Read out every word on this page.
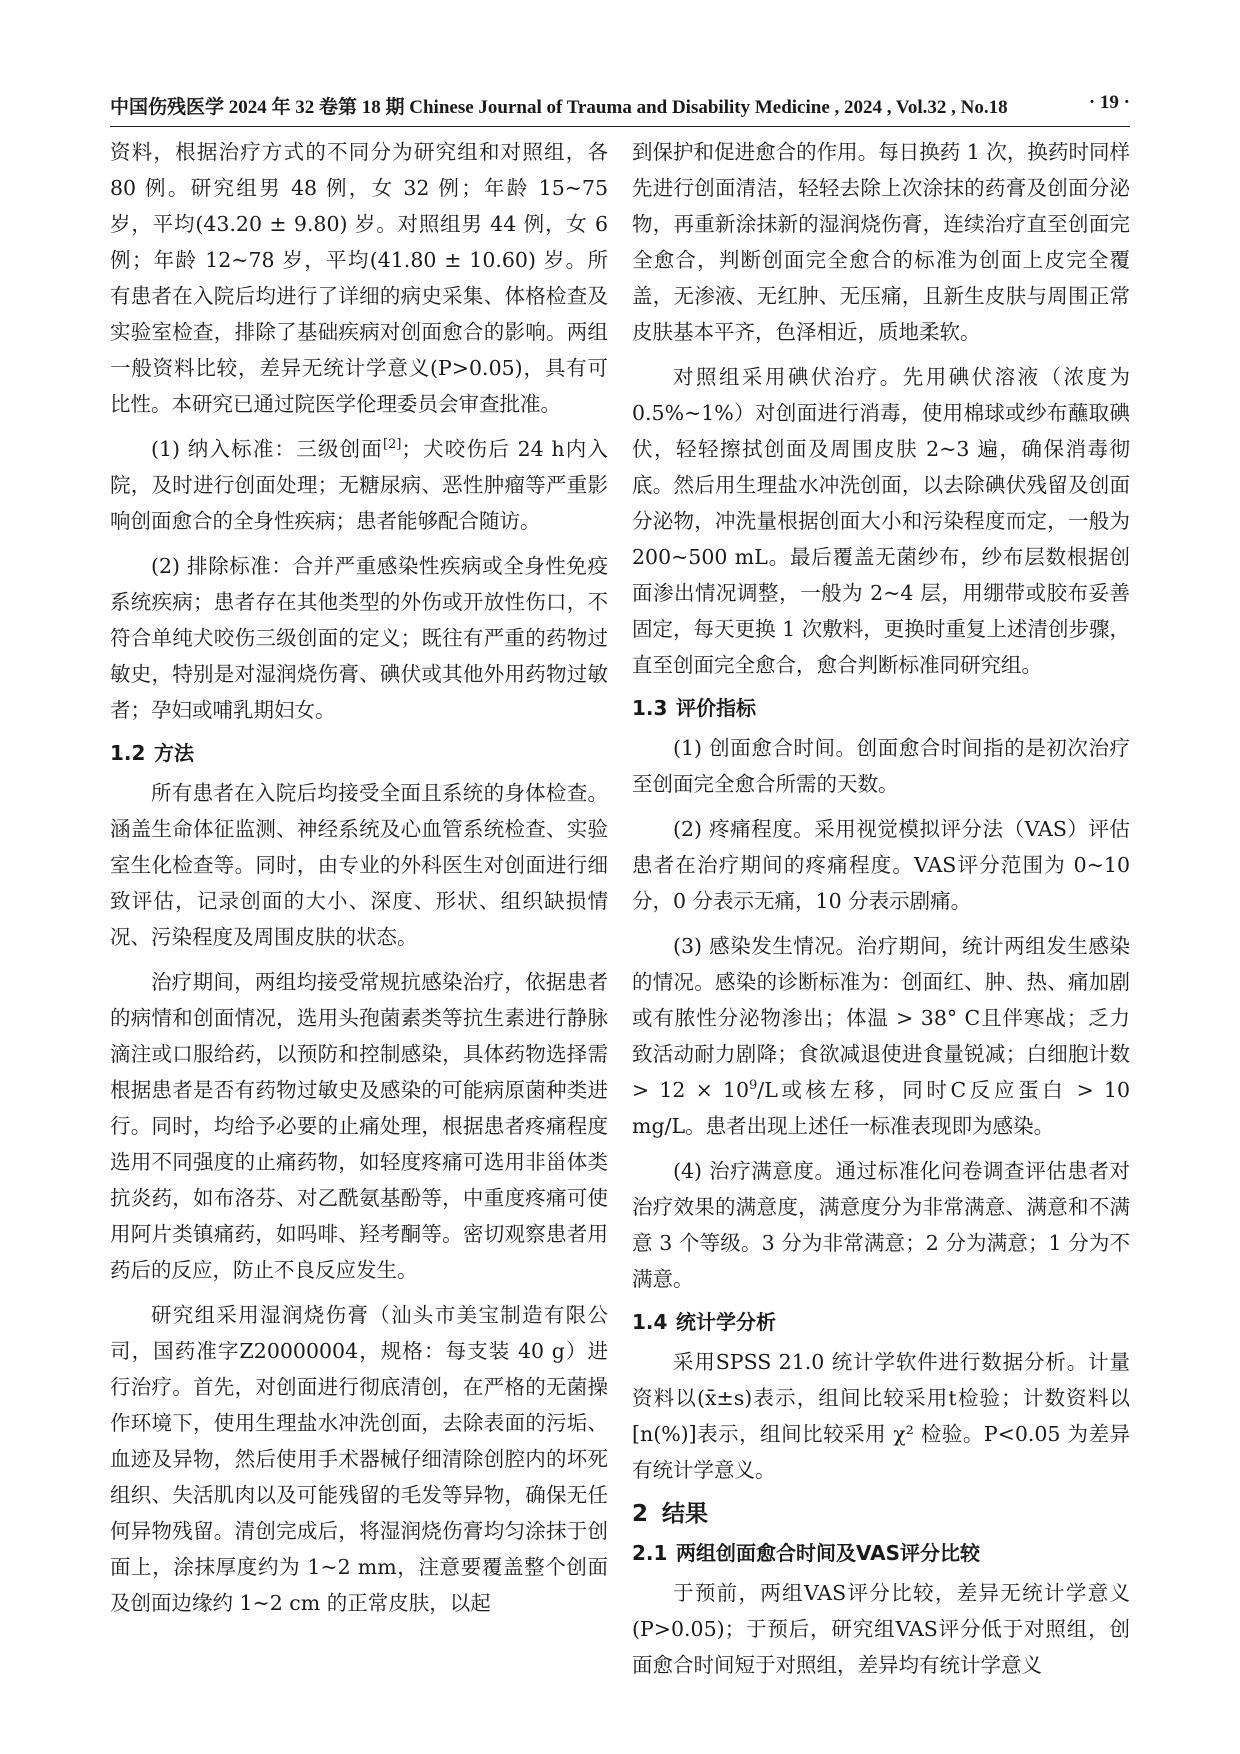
中国伤残医学 2024 年 32 卷第 18 期 Chinese Journal of Trauma and Disability Medicine , 2024 , Vol.32 , No.18	· 19 ·

资料，根据治疗方式的不同分为研究组和对照组，各 80 例。研究组男 48 例，女 32 例；年龄 15~75 岁，平均(43.20 ± 9.80) 岁。对照组男 44 例，女 6 例；年龄 12~78 岁，平均(41.80 ± 10.60) 岁。所有患者在入院后均进行了详细的病史采集、体格检查及实验室检查，排除了基础疾病对创面愈合的影响。两组一般资料比较，差异无统计学意义(P>0.05)，具有可比性。本研究已通过院医学伦理委员会审查批准。

(1) 纳入标准：三级创面[2]；犬咬伤后 24 h内入院，及时进行创面处理；无糖尿病、恶性肿瘤等严重影响创面愈合的全身性疾病；患者能够配合随访。

(2) 排除标准：合并严重感染性疾病或全身性免疫系统疾病；患者存在其他类型的外伤或开放性伤口，不符合单纯犬咬伤三级创面的定义；既往有严重的药物过敏史，特别是对湿润烧伤膏、碘伏或其他外用药物过敏者；孕妇或哺乳期妇女。

1.2 方法

所有患者在入院后均接受全面且系统的身体检查。涵盖生命体征监测、神经系统及心血管系统检查、实验室生化检查等。同时，由专业的外科医生对创面进行细致评估，记录创面的大小、深度、形状、组织缺损情况、污染程度及周围皮肤的状态。

治疗期间，两组均接受常规抗感染治疗，依据患者的病情和创面情况，选用头孢菌素类等抗生素进行静脉滴注或口服给药，以预防和控制感染，具体药物选择需根据患者是否有药物过敏史及感染的可能病原菌种类进行。同时，均给予必要的止痛处理，根据患者疼痛程度选用不同强度的止痛药物，如轻度疼痛可选用非甾体类抗炎药，如布洛芬、对乙酰氨基酚等，中重度疼痛可使用阿片类镇痛药，如吗啡、羟考酮等。密切观察患者用药后的反应，防止不良反应发生。

研究组采用湿润烧伤膏（汕头市美宝制造有限公司，国药准字Z20000004，规格：每支装 40 g）进行治疗。首先，对创面进行彻底清创，在严格的无菌操作环境下，使用生理盐水冲洗创面，去除表面的污垢、血迹及异物，然后使用手术器械仔细清除创腔内的坏死组织、失活肌肉以及可能残留的毛发等异物，确保无任何异物残留。清创完成后，将湿润烧伤膏均匀涂抹于创面上，涂抹厚度约为 1~2 mm，注意要覆盖整个创面及创面边缘约 1~2 cm 的正常皮肤，以起

到保护和促进愈合的作用。每日换药 1 次，换药时同样先进行创面清洁，轻轻去除上次涂抹的药膏及创面分泌物，再重新涂抹新的湿润烧伤膏，连续治疗直至创面完全愈合，判断创面完全愈合的标准为创面上皮完全覆盖，无渗液、无红肿、无压痛，且新生皮肤与周围正常皮肤基本平齐，色泽相近，质地柔软。

对照组采用碘伏治疗。先用碘伏溶液（浓度为 0.5%~1%）对创面进行消毒，使用棉球或纱布蘸取碘伏，轻轻擦拭创面及周围皮肤 2~3 遍，确保消毒彻底。然后用生理盐水冲洗创面，以去除碘伏残留及创面分泌物，冲洗量根据创面大小和污染程度而定，一般为 200~500 mL。最后覆盖无菌纱布，纱布层数根据创面渗出情况调整，一般为 2~4 层，用绷带或胶布妥善固定，每天更换 1 次敷料，更换时重复上述清创步骤，直至创面完全愈合，愈合判断标准同研究组。

1.3 评价指标

(1) 创面愈合时间。创面愈合时间指的是初次治疗至创面完全愈合所需的天数。

(2) 疼痛程度。采用视觉模拟评分法（VAS）评估患者在治疗期间的疼痛程度。VAS评分范围为 0~10 分，0 分表示无痛，10 分表示剧痛。

(3) 感染发生情况。治疗期间，统计两组发生感染的情况。感染的诊断标准为：创面红、肿、热、痛加剧或有脓性分泌物渗出；体温 > 38° C且伴寒战；乏力致活动耐力剧降；食欲减退使进食量锐减；白细胞计数 > $12 \times 10^9/L$或核左移，同时C反应蛋白 > 10 mg/L。患者出现上述任一标准表现即为感染。

(4) 治疗满意度。通过标准化问卷调查评估患者对治疗效果的满意度，满意度分为非常满意、满意和不满意 3 个等级。3 分为非常满意；2 分为满意；1 分为不满意。

1.4 统计学分析

采用SPSS 21.0 统计学软件进行数据分析。计量资料以(x̄±s)表示，组间比较采用t检验；计数资料以 [n(%)]表示，组间比较采用 χ² 检验。P<0.05 为差异有统计学意义。

2 结果
2.1 两组创面愈合时间及VAS评分比较

于预前，两组VAS评分比较，差异无统计学意义(P>0.05)；于预后，研究组VAS评分低于对照组，创面愈合时间短于对照组，差异均有统计学意义
